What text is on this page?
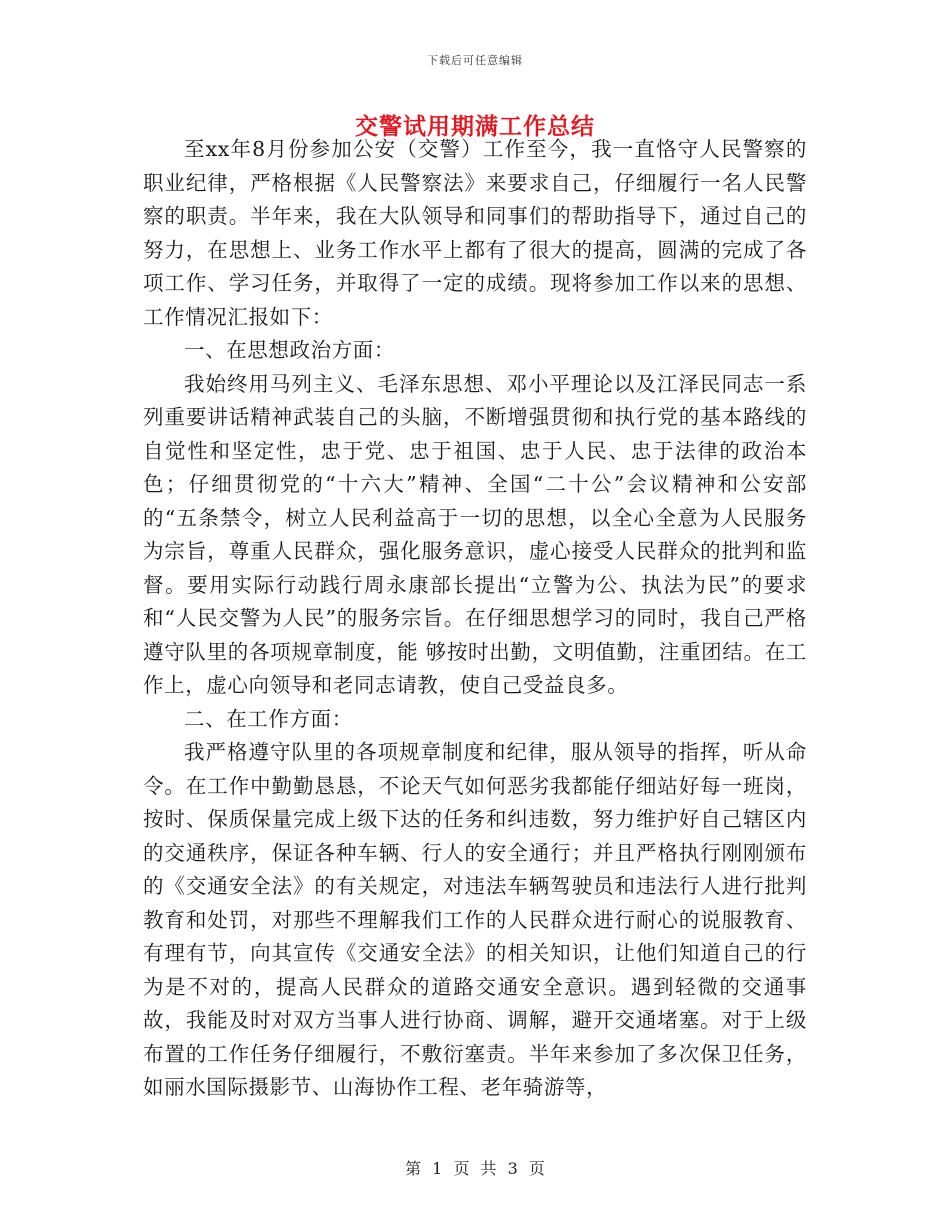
下载后可任意编辑
交警试用期满工作总结

至xx年8月份参加公安（交警）工作至今，我一直恪守人民警察的职业纪律，严格根据《人民警察法》来要求自己，仔细履行一名人民警察的职责。半年来，我在大队领导和同事们的帮助指导下，通过自己的努力，在思想上、业务工作水平上都有了很大的提高，圆满的完成了各项工作、学习任务，并取得了一定的成绩。现将参加工作以来的思想、工作情况汇报如下：

一、在思想政治方面：

我始终用马列主义、毛泽东思想、邓小平理论以及江泽民同志一系列重要讲话精神武装自己的头脑，不断增强贯彻和执行党的基本路线的自觉性和坚定性，忠于党、忠于祖国、忠于人民、忠于法律的政治本色；仔细贯彻党的“十六大”精神、全国“二十公”会议精神和公安部的“五条禁令，树立人民利益高于一切的思想，以全心全意为人民服务为宗旨，尊重人民群众，强化服务意识，虚心接受人民群众的批判和监督。要用实际行动践行周永康部长提出“立警为公、执法为民”的要求和“人民交警为人民”的服务宗旨。在仔细思想学习的同时，我自己严格遵守队里的各项规章制度，能 够按时出勤，文明值勤，注重团结。在工作上，虚心向领导和老同志请教，使自己受益良多。

二、在工作方面：

我严格遵守队里的各项规章制度和纪律，服从领导的指挥，听从命令。在工作中勤勤恳恳，不论天气如何恶劣我都能仔细站好每一班岗，按时、保质保量完成上级下达的任务和纠违数，努力维护好自己辖区内的交通秩序，保证各种车辆、行人的安全通行；并且严格执行刚刚颁布的《交通安全法》的有关规定，对违法车辆驾驶员和违法行人进行批判教育和处罚，对那些不理解我们工作的人民群众进行耐心的说服教育、有理有节，向其宣传《交通安全法》的相关知识，让他们知道自己的行为是不对的，提高人民群众的道路交通安全意识。遇到轻微的交通事故，我能及时对双方当事人进行协商、调解，避开交通堵塞。对于上级布置的工作任务仔细履行，不敷衍塞责。半年来参加了多次保卫任务，如丽水国际摄影节、山海协作工程、老年骑游等，

第 1 页 共 3 页
